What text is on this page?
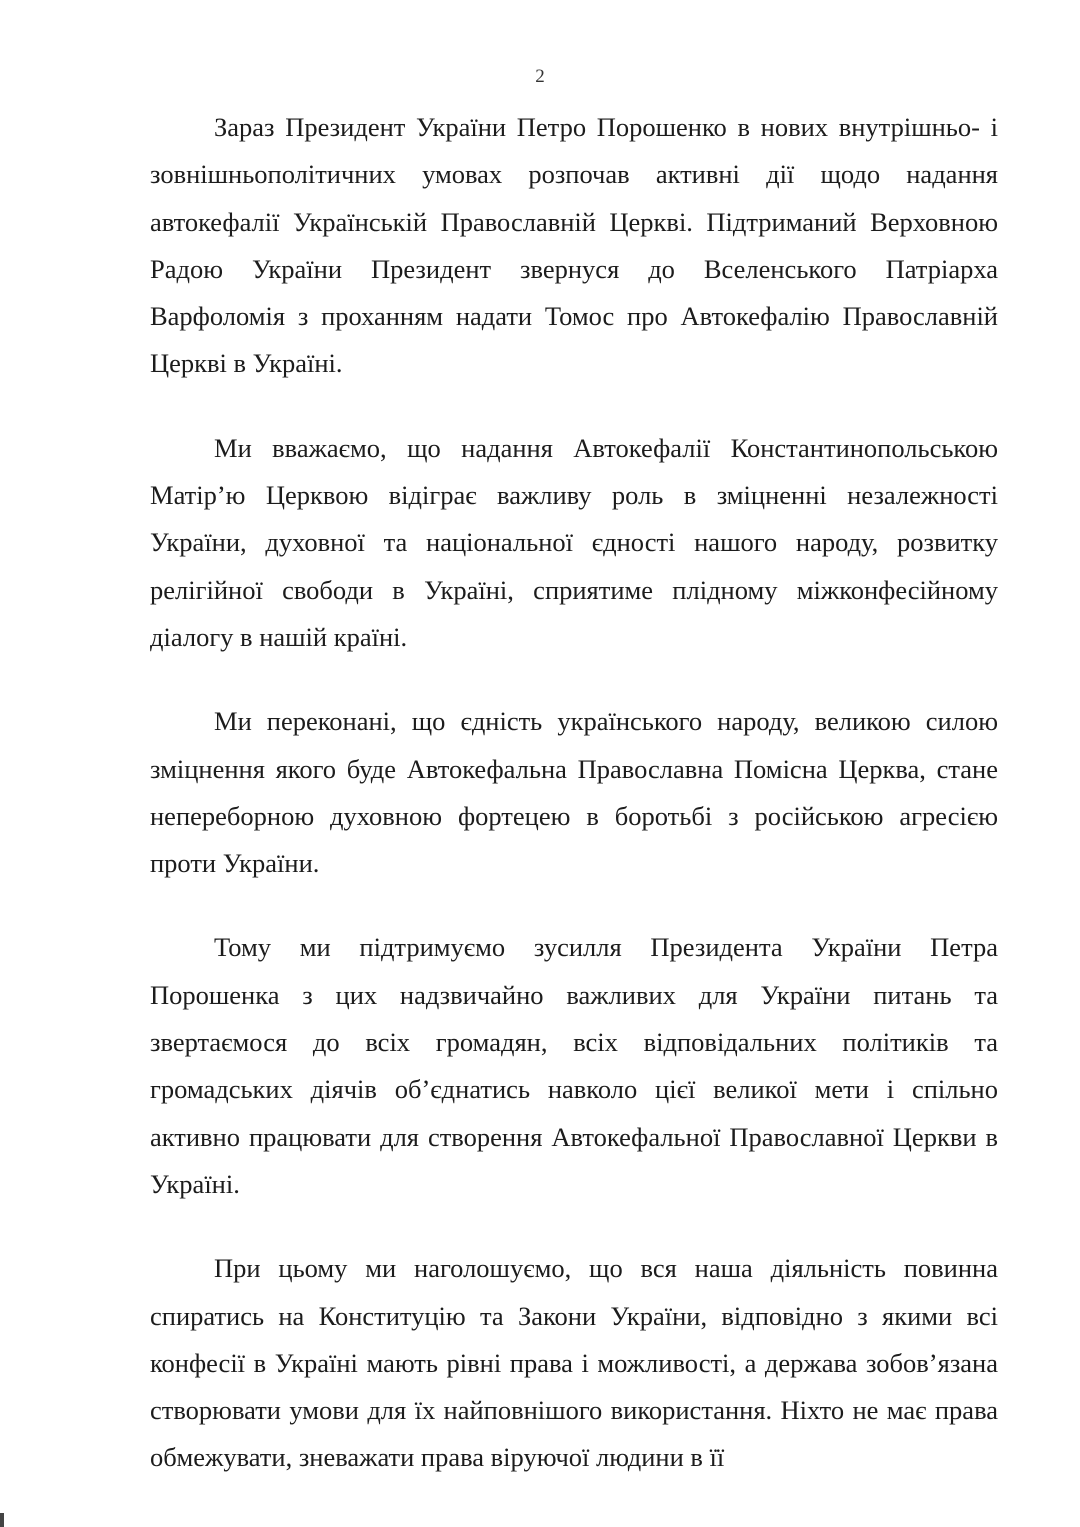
2

Зараз Президент України Петро Порошенко в нових внутрішньо- і зовнішньополітичних умовах розпочав активні дії щодо надання автокефалії Українській Православній Церкві. Підтриманий Верховною Радою України Президент звернуся до Вселенського Патріарха Варфоломія з проханням надати Томос про Автокефалію Православній Церкві в Україні.

Ми вважаємо, що надання Автокефалії Константинопольською Матір’ю Церквою відіграє важливу роль в зміцненні незалежності України, духовної та національної єдності нашого народу, розвитку релігійної свободи в Україні, сприятиме плідному міжконфесійному діалогу в нашій країні.

Ми переконані, що єдність українського народу, великою силою зміцнення якого буде Автокефальна Православна Помісна Церква, стане непереборною духовною фортецею в боротьбі з російською агресією проти України.

Тому ми підтримуємо зусилля Президента України Петра Порошенка з цих надзвичайно важливих для України питань та звертаємося до всіх громадян, всіх відповідальних політиків та громадських діячів об’єднатись навколо цієї великої мети і спільно активно працювати для створення Автокефальної Православної Церкви в Україні.

При цьому ми наголошуємо, що вся наша діяльність повинна спиратись на Конституцію та Закони України, відповідно з якими всі конфесії в Україні мають рівні права і можливості, а держава зобов’язана створювати умови для їх найповнішого використання. Ніхто не має права обмежувати, зневажати права віруючої людини в її
